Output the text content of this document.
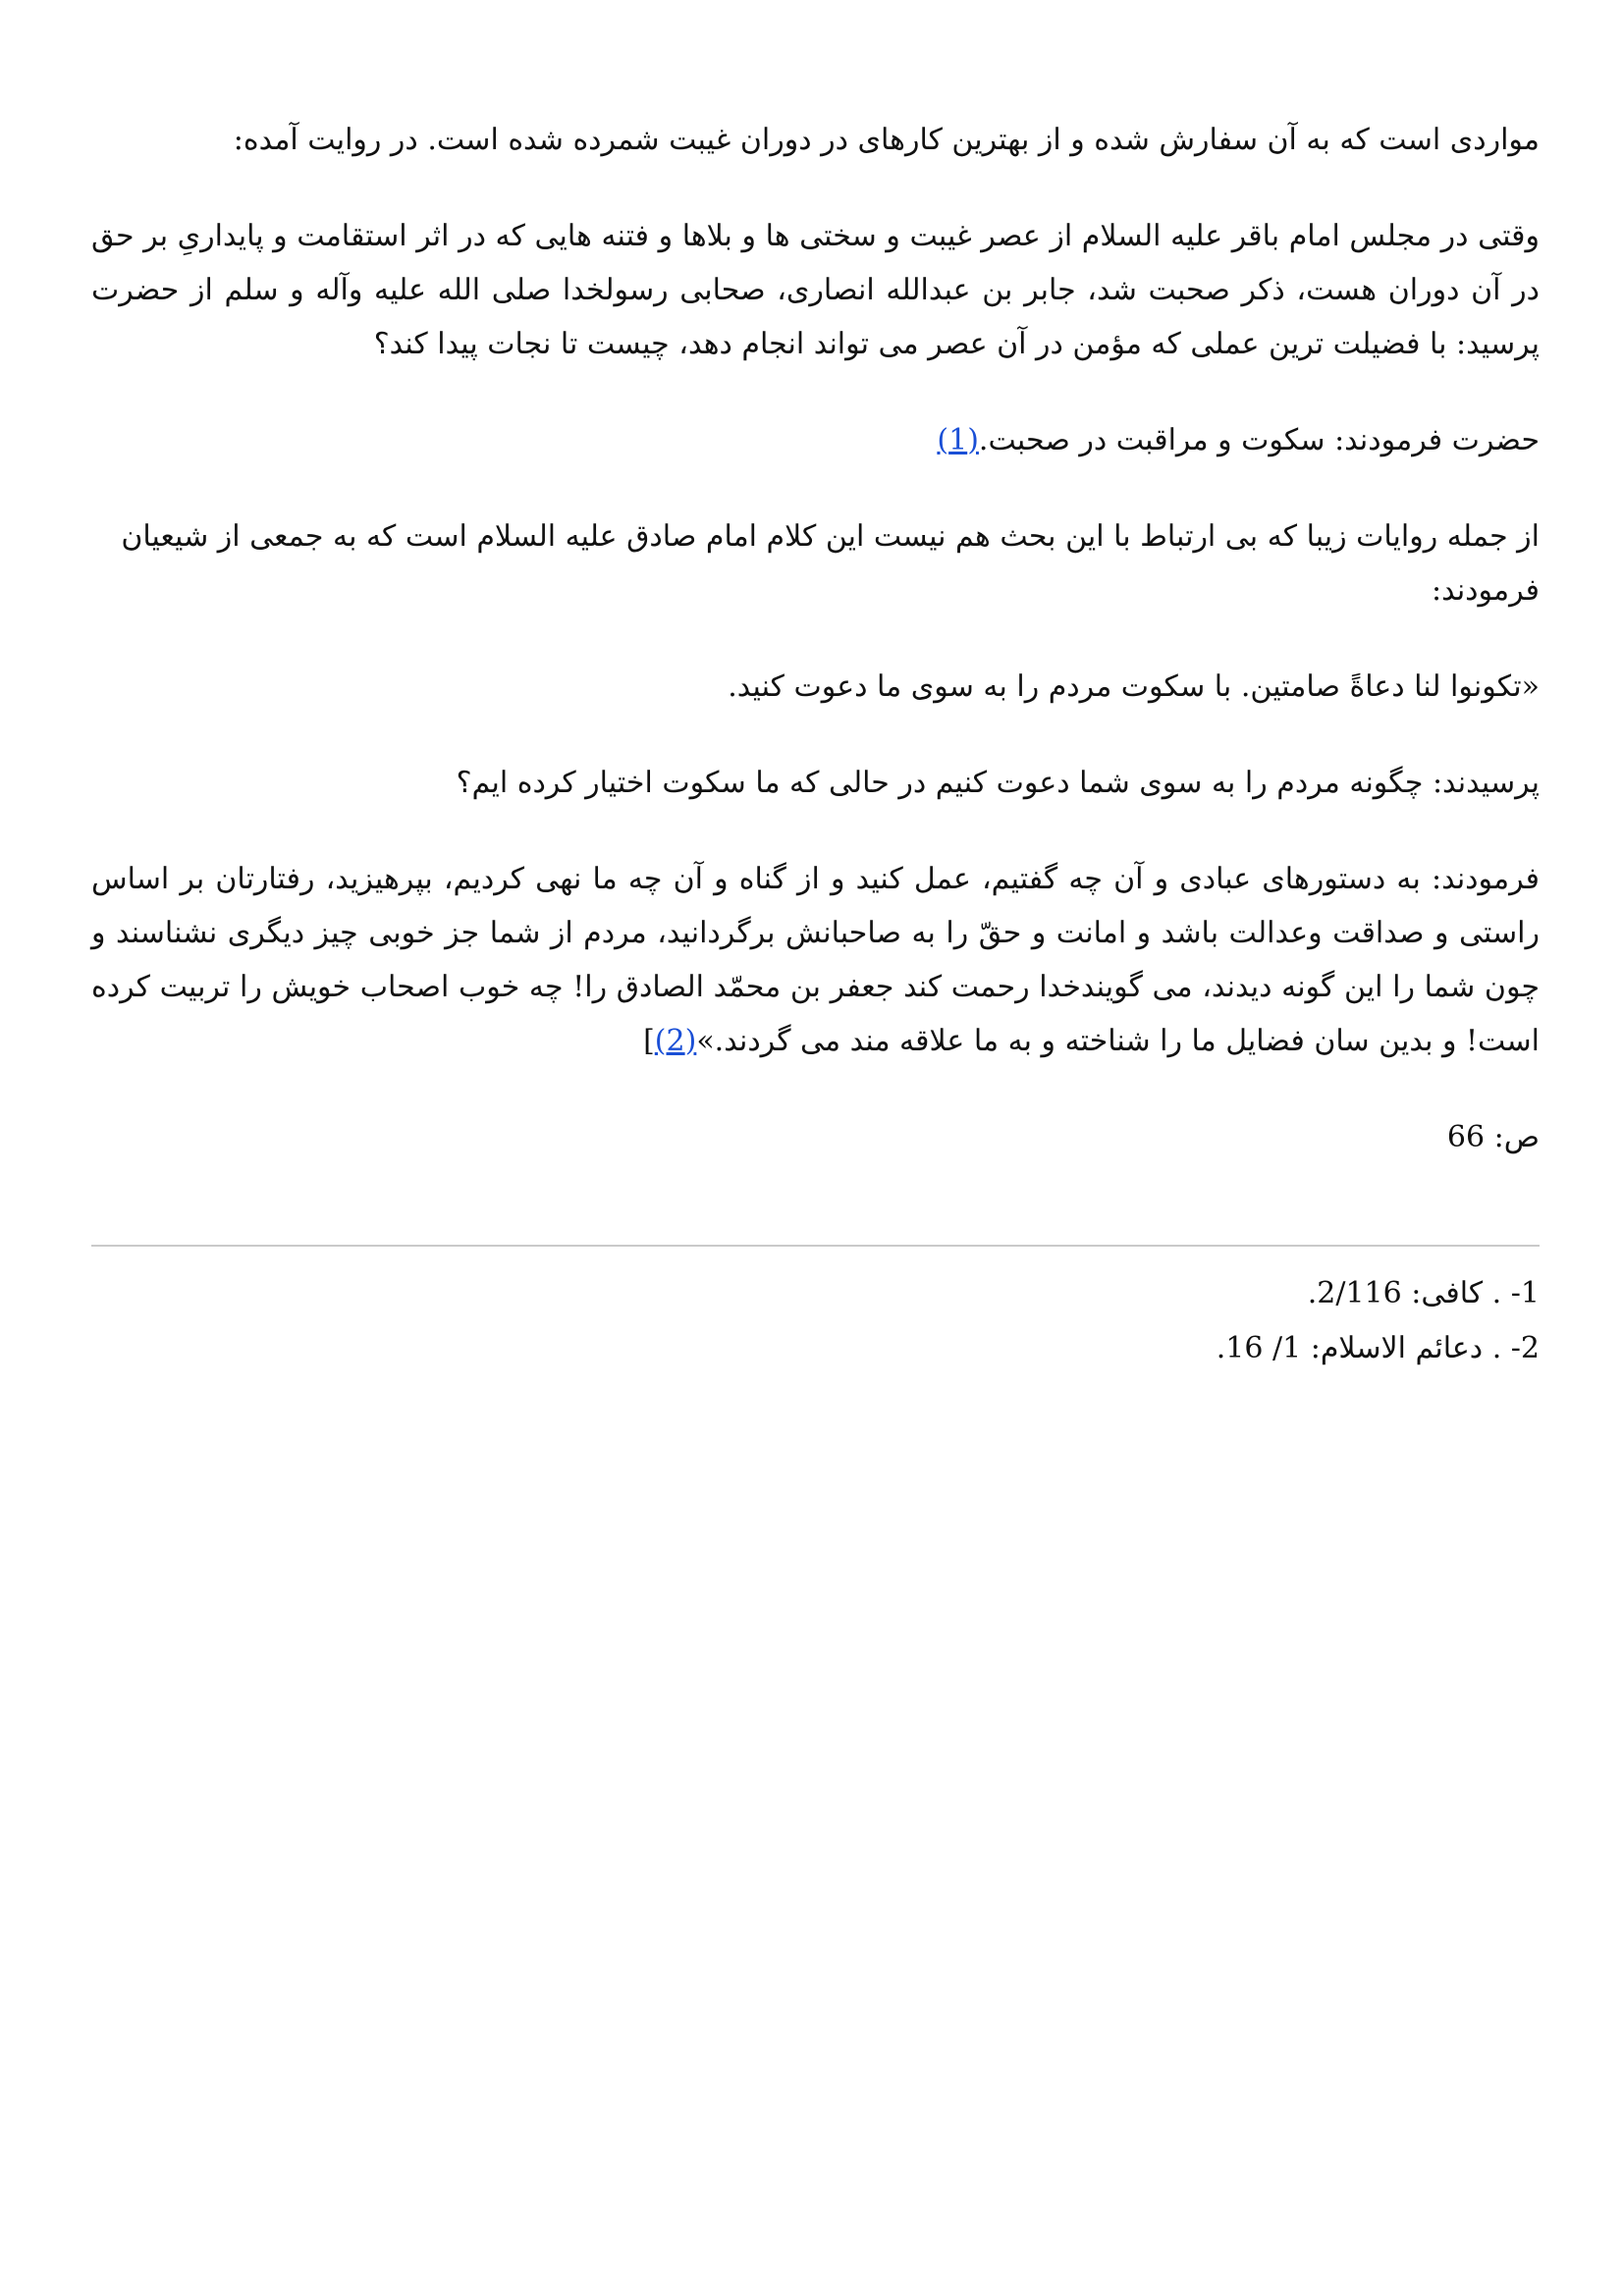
مواردی است که به آن سفارش شده و از بهترین کارهای در دوران غیبت شمرده شده است. در روایت آمده:

وقتی در مجلس امام باقر علیه السلام از عصر غیبت و سختی ها و بلاها و فتنه هایی که در اثر استقامت و پایداریِ بر حق در آن دوران هست، ذکر صحبت شد، جابر بن عبدالله انصاری، صحابی رسولخدا صلی الله علیه وآله و سلم از حضرت پرسید: با فضیلت ترین عملی که مؤمن در آن عصر می تواند انجام دهد، چیست تا نجات پیدا کند؟

حضرت فرمودند: سکوت و مراقبت در صحبت.(1)

از جمله روایات زیبا که بی ارتباط با این بحث هم نیست این کلام امام صادق علیه السلام است که به جمعی از شیعیان فرمودند:

«تکونوا لنا دعاةً صامتین. با سکوت مردم را به سوی ما دعوت کنید.

پرسیدند: چگونه مردم را به سوی شما دعوت کنیم در حالی که ما سکوت اختیار کرده ایم؟

فرمودند: به دستورهای عبادی و آن چه گفتیم، عمل کنید و از گناه و آن چه ما نهی کردیم، بپرهیزید، رفتارتان بر اساس راستی و صداقت وعدالت باشد و امانت و حقّ را به صاحبانش برگردانید، مردم از شما جز خوبی چیز دیگری نشناسند و چون شما را این گونه دیدند، می گویندخدا رحمت کند جعفر بن محمّد الصادق را! چه خوب اصحاب خویش را تربیت کرده است! و بدین سان فضایل ما را شناخته و به ما علاقه مند می گردند.»(2)]

ص: 66

1- . کافی: 2/116.

2- . دعائم الاسلام: 1/ 16.
